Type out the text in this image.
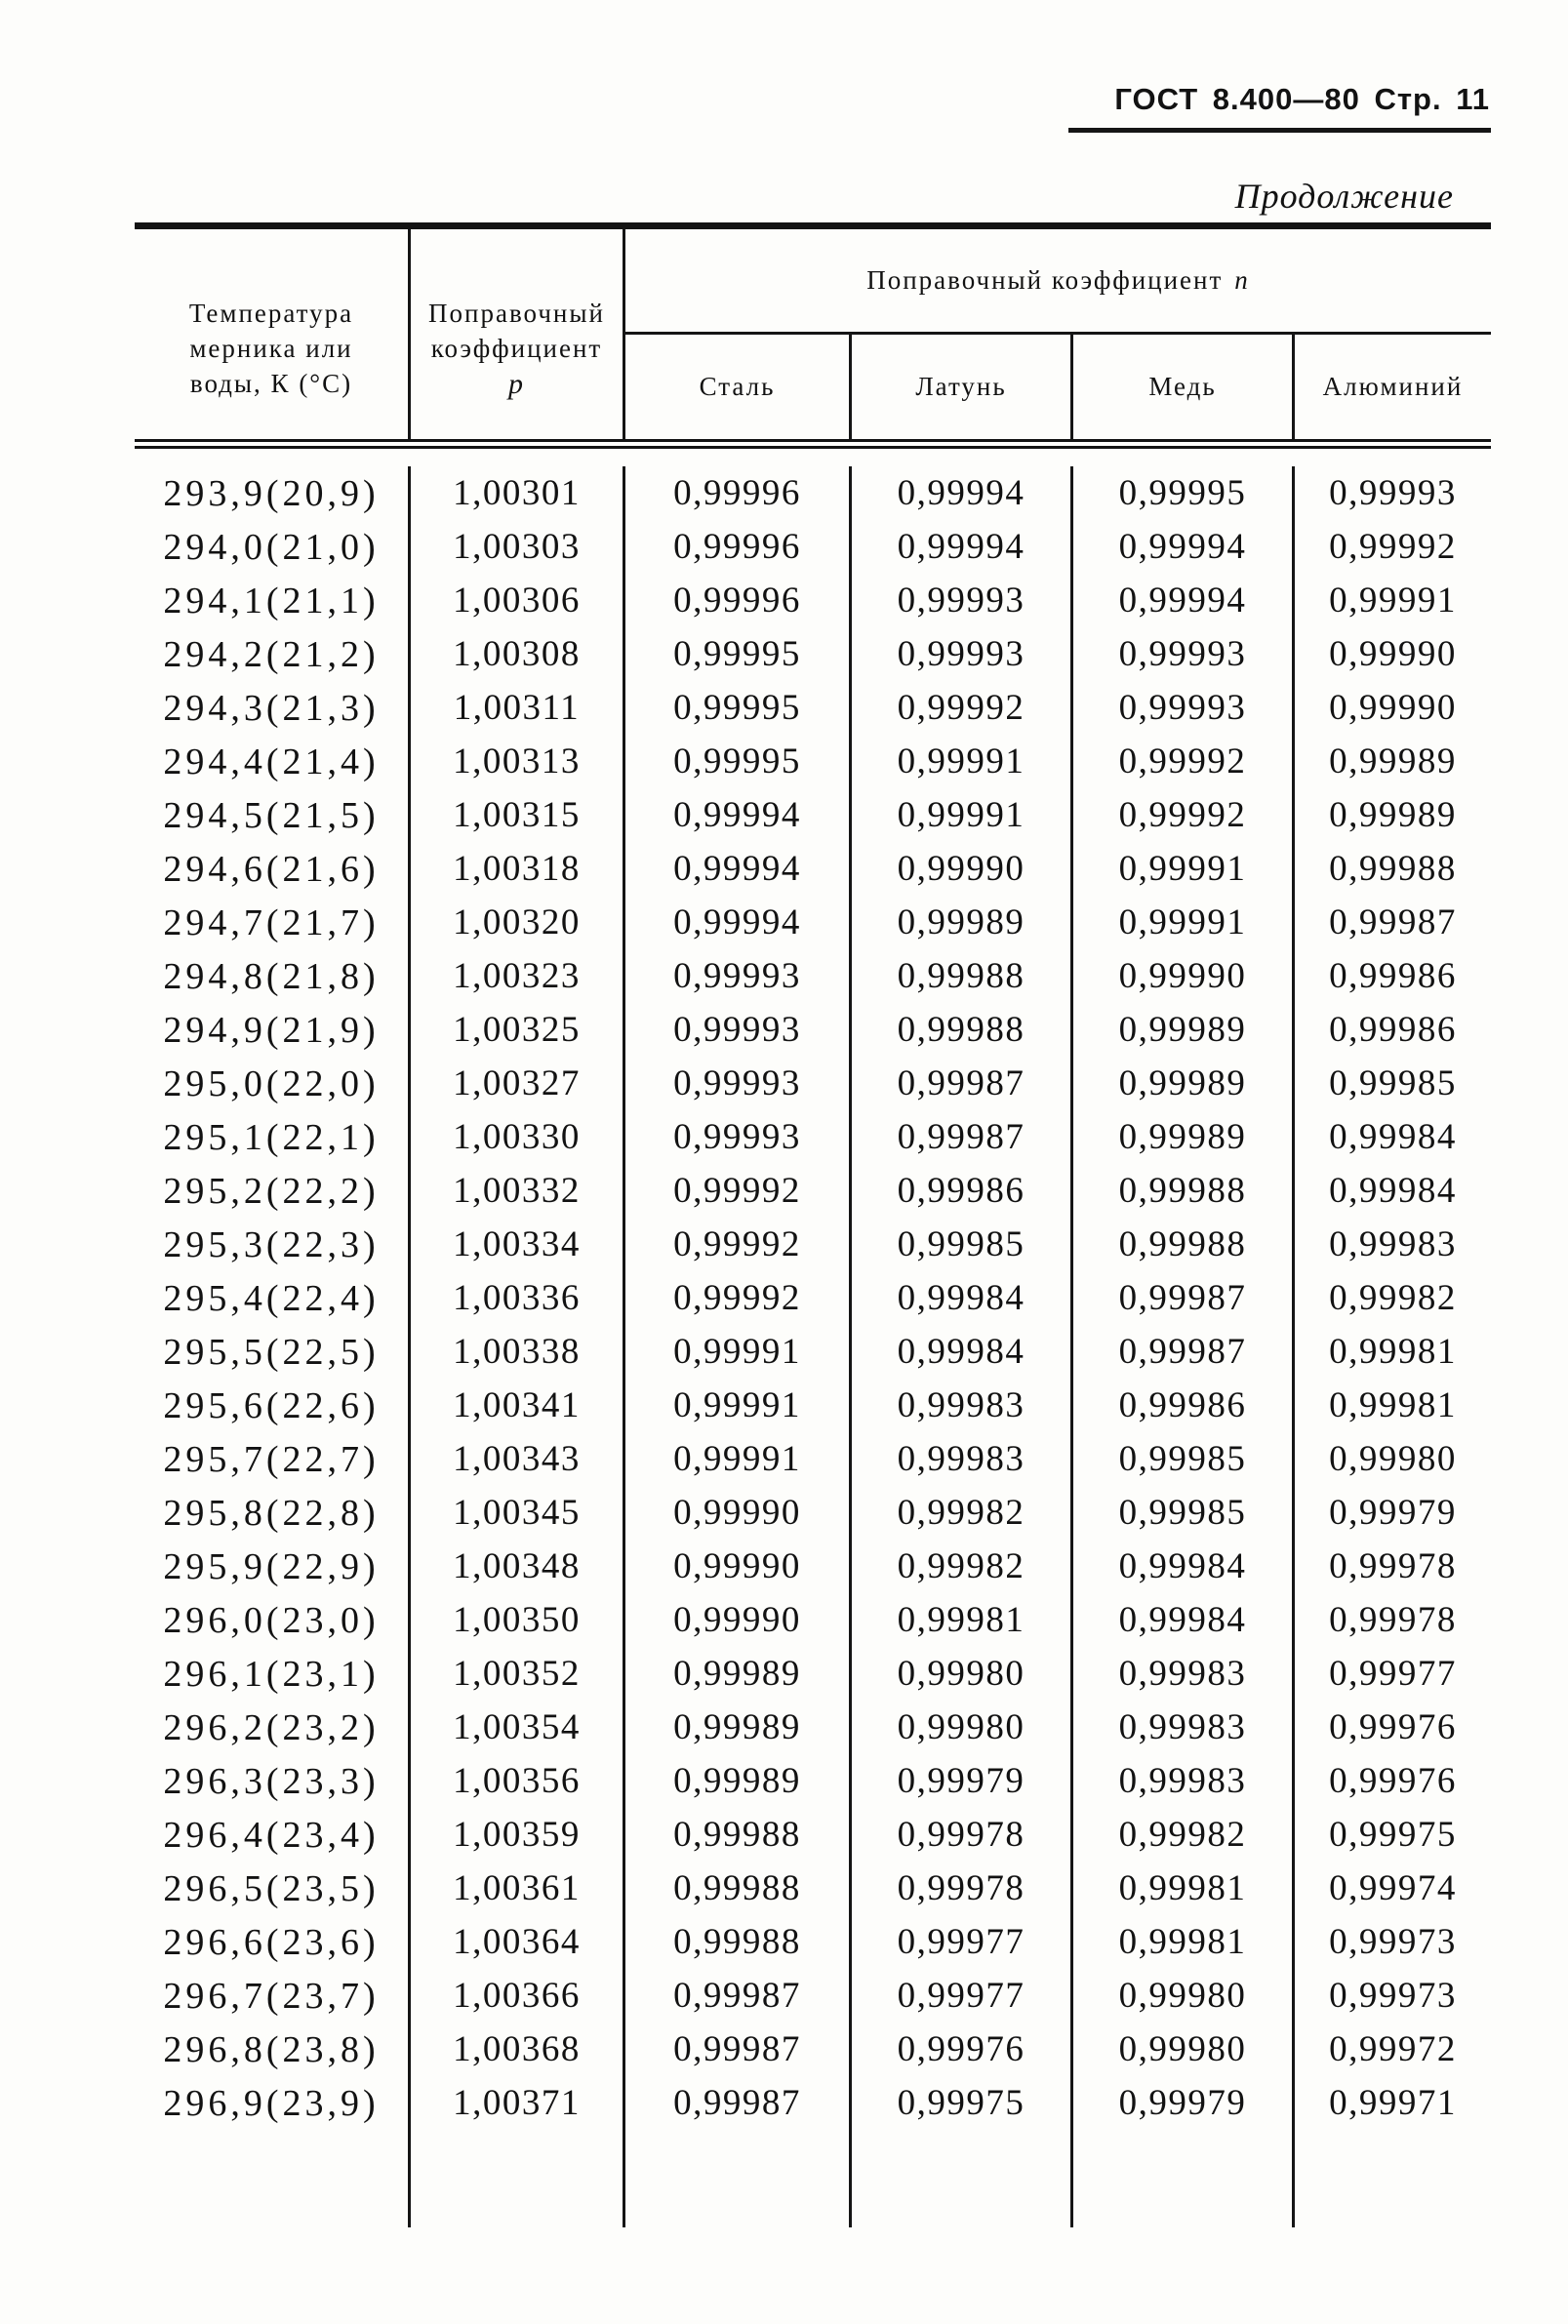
ГОСТ 8.400—80 Стр. 11
Продолжение
Температура
мерника или
воды, К (°С)
Поправочный
коэффициент
р
Поправочный коэффициент n
Сталь	Латунь	Медь	Алюминий
293,9(20,9)	1,00301	0,99996	0,99994	0,99995	0,99993
294,0(21,0)	1,00303	0,99996	0,99994	0,99994	0,99992
294,1(21,1)	1,00306	0,99996	0,99993	0,99994	0,99991
294,2(21,2)	1,00308	0,99995	0,99993	0,99993	0,99990
294,3(21,3)	1,00311	0,99995	0,99992	0,99993	0,99990
294,4(21,4)	1,00313	0,99995	0,99991	0,99992	0,99989
294,5(21,5)	1,00315	0,99994	0,99991	0,99992	0,99989
294,6(21,6)	1,00318	0,99994	0,99990	0,99991	0,99988
294,7(21,7)	1,00320	0,99994	0,99989	0,99991	0,99987
294,8(21,8)	1,00323	0,99993	0,99988	0,99990	0,99986
294,9(21,9)	1,00325	0,99993	0,99988	0,99989	0,99986
295,0(22,0)	1,00327	0,99993	0,99987	0,99989	0,99985
295,1(22,1)	1,00330	0,99993	0,99987	0,99989	0,99984
295,2(22,2)	1,00332	0,99992	0,99986	0,99988	0,99984
295,3(22,3)	1,00334	0,99992	0,99985	0,99988	0,99983
295,4(22,4)	1,00336	0,99992	0,99984	0,99987	0,99982
295,5(22,5)	1,00338	0,99991	0,99984	0,99987	0,99981
295,6(22,6)	1,00341	0,99991	0,99983	0,99986	0,99981
295,7(22,7)	1,00343	0,99991	0,99983	0,99985	0,99980
295,8(22,8)	1,00345	0,99990	0,99982	0,99985	0,99979
295,9(22,9)	1,00348	0,99990	0,99982	0,99984	0,99978
296,0(23,0)	1,00350	0,99990	0,99981	0,99984	0,99978
296,1(23,1)	1,00352	0,99989	0,99980	0,99983	0,99977
296,2(23,2)	1,00354	0,99989	0,99980	0,99983	0,99976
296,3(23,3)	1,00356	0,99989	0,99979	0,99983	0,99976
296,4(23,4)	1,00359	0,99988	0,99978	0,99982	0,99975
296,5(23,5)	1,00361	0,99988	0,99978	0,99981	0,99974
296,6(23,6)	1,00364	0,99988	0,99977	0,99981	0,99973
296,7(23,7)	1,00366	0,99987	0,99977	0,99980	0,99973
296,8(23,8)	1,00368	0,99987	0,99976	0,99980	0,99972
296,9(23,9)	1,00371	0,99987	0,99975	0,99979	0,99971
